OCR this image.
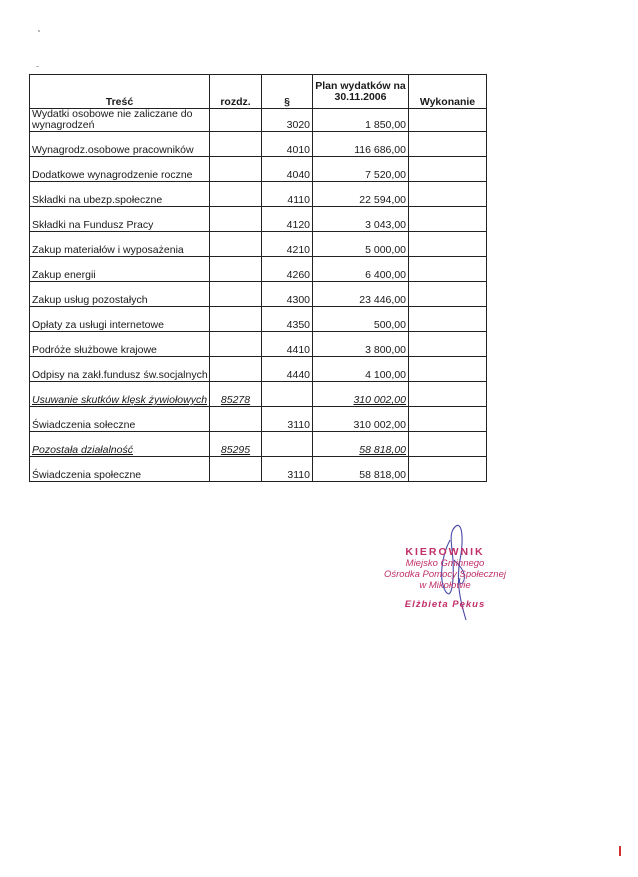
Treść	rozdz.	§	Plan wydatków na 30.11.2006	Wykonanie
Wydatki osobowe nie zaliczane do wynagrodzeń		3020	1 850,00	
Wynagrodz.osobowe pracowników		4010	116 686,00	
Dodatkowe wynagrodzenie roczne		4040	7 520,00	
Składki na ubezp.społeczne		4110	22 594,00	
Składki na Fundusz Pracy		4120	3 043,00	
Zakup materiałów i wyposażenia		4210	5 000,00	
Zakup energii		4260	6 400,00	
Zakup usług pozostałych		4300	23 446,00	
Opłaty za usługi internetowe		4350	500,00	
Podróże służbowe krajowe		4410	3 800,00	
Odpisy na zakł.fundusz św.socjalnych		4440	4 100,00	
Usuwanie skutków klęsk żywiołowych	85278		310 002,00	
Świadczenia sołeczne		3110	310 002,00	
Pozostała działalność	85295		58 818,00	
Świadczenia społeczne		3110	58 818,00	
KIEROWNIK
Miejsko Gminnego
Ośrodka Pomocy Społecznej
w Mikołowie
Elżbieta Pękus
